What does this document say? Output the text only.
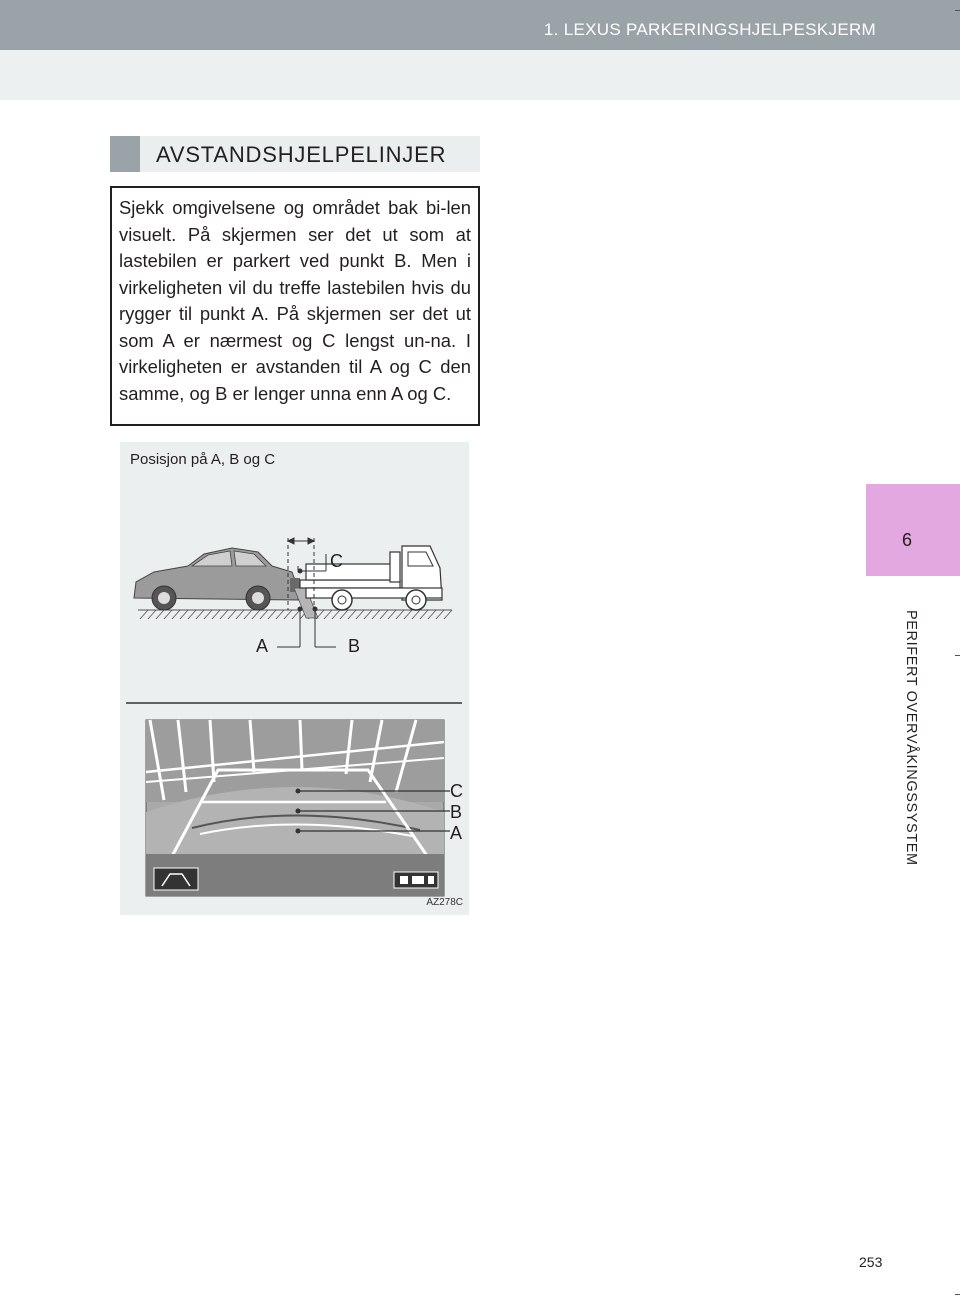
1. LEXUS PARKERINGSHJELPESKJERM
6
PERIFERT OVERVÅKINGSSYSTEM
AVSTANDSHJELPELINJER

Sjekk omgivelsene og området bak bi-len visuelt. På skjermen ser det ut som at lastebilen er parkert ved punkt B. Men i virkeligheten vil du treffe lastebilen hvis du rygger til punkt A. På skjermen ser det ut som A er nærmest og C lengst un-na. I virkeligheten er avstanden til A og C den samme, og B er lenger unna enn A og C.

C
A	B
C
B
A
Posisjon på A, B og C
AZ278C
253
